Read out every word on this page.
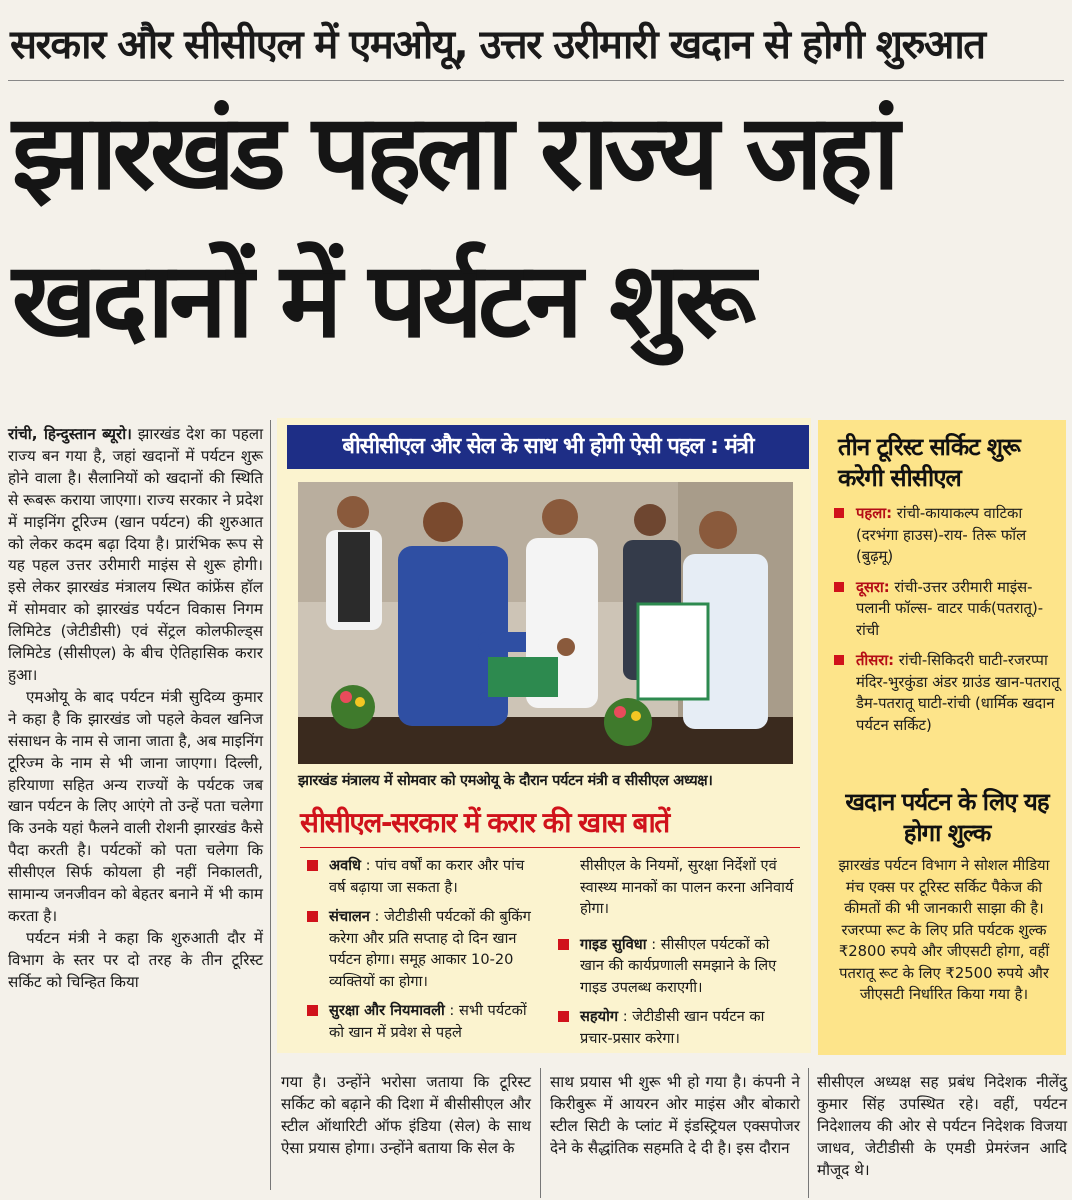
सरकार और सीसीएल में एमओयू, उत्तर उरीमारी खदान से होगी शुरुआत
झारखंड पहला राज्य जहां
खदानों में पर्यटन शुरू

रांची, हिन्दुस्तान ब्यूरो। झारखंड देश का पहला राज्य बन गया है, जहां खदानों में पर्यटन शुरू होने वाला है। सैलानियों को खदानों की स्थिति से रूबरू कराया जाएगा। राज्य सरकार ने प्रदेश में माइनिंग टूरिज्म (खान पर्यटन) की शुरुआत को लेकर कदम बढ़ा दिया है। प्रारंभिक रूप से यह पहल उत्तर उरीमारी माइंस से शुरू होगी। इसे लेकर झारखंड मंत्रालय स्थित कांफ्रेंस हॉल में सोमवार को झारखंड पर्यटन विकास निगम लिमिटेड (जेटीडीसी) एवं सेंट्रल कोलफील्ड्स लिमिटेड (सीसीएल) के बीच ऐतिहासिक करार हुआ।

एमओयू के बाद पर्यटन मंत्री सुदिव्य कुमार ने कहा है कि झारखंड जो पहले केवल खनिज संसाधन के नाम से जाना जाता है, अब माइनिंग टूरिज्म के नाम से भी जाना जाएगा। दिल्ली, हरियाणा सहित अन्य राज्यों के पर्यटक जब खान पर्यटन के लिए आएंगे तो उन्हें पता चलेगा कि उनके यहां फैलने वाली रोशनी झारखंड कैसे पैदा करती है। पर्यटकों को पता चलेगा कि सीसीएल सिर्फ कोयला ही नहीं निकालती, सामान्य जनजीवन को बेहतर बनाने में भी काम करता है।

पर्यटन मंत्री ने कहा कि शुरुआती दौर में विभाग के स्तर पर दो तरह के तीन टूरिस्ट सर्किट को चिन्हित किया

बीसीसीएल और सेल के साथ भी होगी ऐसी पहल : मंत्री
झारखंड मंत्रालय में सोमवार को एमओयू के दौरान पर्यटन मंत्री व सीसीएल अध्यक्ष।
सीसीएल-सरकार में करार की खास बातें
अवधि : पांच वर्षों का करार और पांच वर्ष बढ़ाया जा सकता है।
संचालन : जेटीडीसी पर्यटकों की बुकिंग करेगा और प्रति सप्ताह दो दिन खान पर्यटन होगा। समूह आकार 10-20 व्यक्तियों का होगा।
सुरक्षा और नियमावली : सभी पर्यटकों को खान में प्रवेश से पहले
सीसीएल के नियमों, सुरक्षा निर्देशों एवं स्वास्थ्य मानकों का पालन करना अनिवार्य होगा।
गाइड सुविधा : सीसीएल पर्यटकों को खान की कार्यप्रणाली समझाने के लिए गाइड उपलब्ध कराएगी।
सहयोग : जेटीडीसी खान पर्यटन का प्रचार-प्रसार करेगा।
तीन टूरिस्ट सर्किट शुरू करेगी सीसीएल
पहला: रांची-कायाकल्प वाटिका (दरभंगा हाउस)-राय- तिरू फॉल (बुढ़मू)
दूसरा: रांची-उत्तर उरीमारी माइंस-पलानी फॉल्स- वाटर पार्क(पतरातू)-रांची
तीसरा: रांची-सिकिदरी घाटी-रजरप्पा मंदिर-भुरकुंडा अंडर ग्राउंड खान-पतरातू डैम-पतरातू घाटी-रांची (धार्मिक खदान पर्यटन सर्किट)
खदान पर्यटन के लिए यह होगा शुल्क
झारखंड पर्यटन विभाग ने सोशल मीडिया मंच एक्स पर टूरिस्ट सर्किट पैकेज की कीमतों की भी जानकारी साझा की है। रजरप्पा रूट के लिए प्रति पर्यटक शुल्क ₹2800 रुपये और जीएसटी होगा, वहीं पतरातू रूट के लिए ₹2500 रुपये और जीएसटी निर्धारित किया गया है।
गया है। उन्होंने भरोसा जताया कि टूरिस्ट सर्किट को बढ़ाने की दिशा में बीसीसीएल और स्टील ऑथारिटी ऑफ इंडिया (सेल) के साथ ऐसा प्रयास होगा। उन्होंने बताया कि सेल के
साथ प्रयास भी शुरू भी हो गया है। कंपनी ने किरीबुरू में आयरन ओर माइंस और बोकारो स्टील सिटी के प्लांट में इंडस्ट्रियल एक्सपोजर देने के सैद्धांतिक सहमति दे दी है। इस दौरान
सीसीएल अध्यक्ष सह प्रबंध निदेशक नीलेंदु कुमार सिंह उपस्थित रहे। वहीं, पर्यटन निदेशालय की ओर से पर्यटन निदेशक विजया जाधव, जेटीडीसी के एमडी प्रेमरंजन आदि मौजूद थे।
